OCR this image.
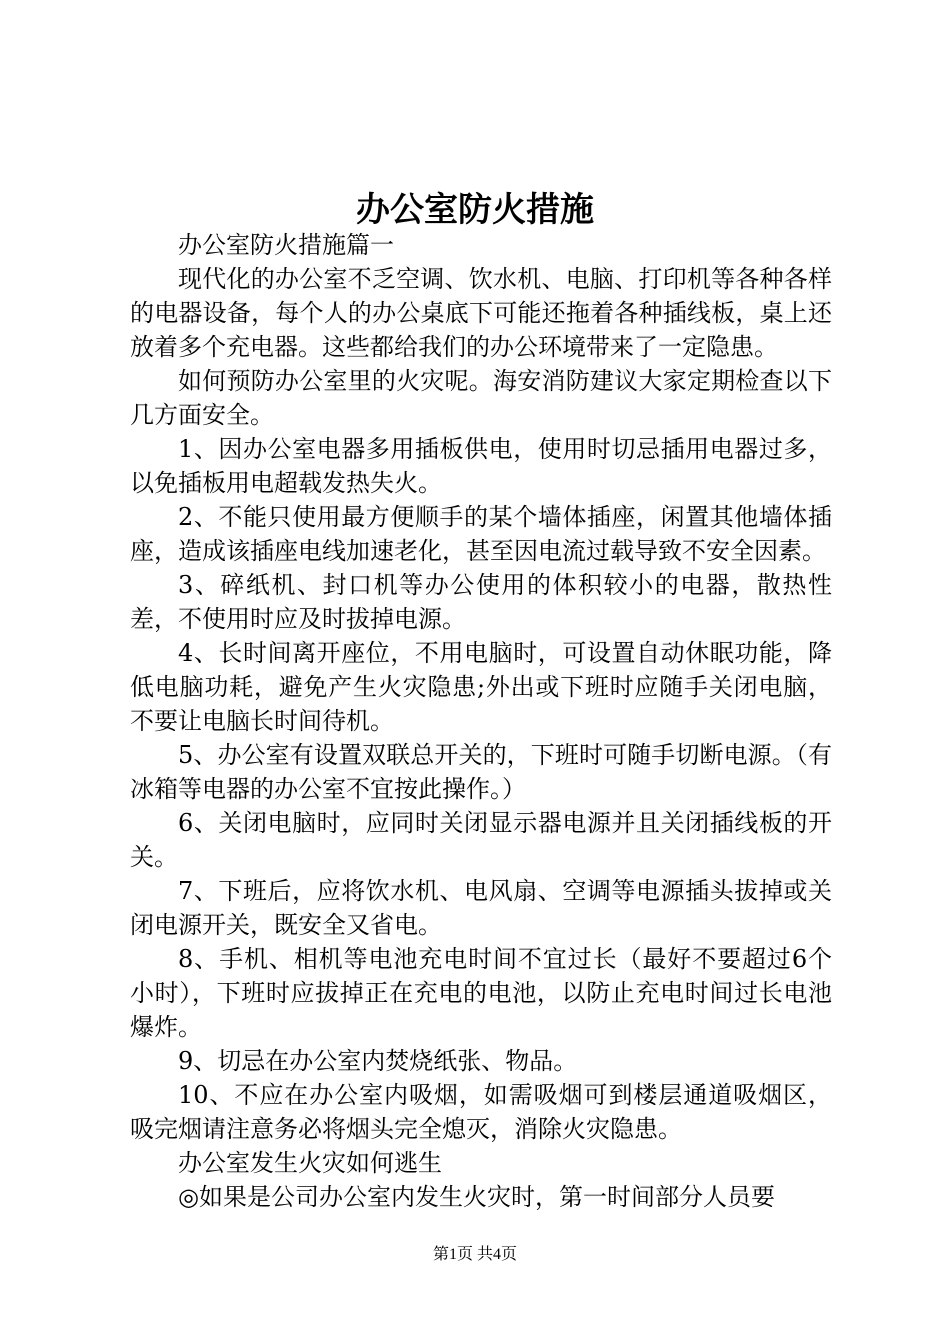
办公室防火措施

办公室防火措施篇一

现代化的办公室不乏空调、饮水机、电脑、打印机等各种各样的电器设备，每个人的办公桌底下可能还拖着各种插线板，桌上还放着多个充电器。这些都给我们的办公环境带来了一定隐患。

如何预防办公室里的火灾呢。海安消防建议大家定期检查以下几方面安全。

1、因办公室电器多用插板供电，使用时切忌插用电器过多，以免插板用电超载发热失火。

2、不能只使用最方便顺手的某个墙体插座，闲置其他墙体插座，造成该插座电线加速老化，甚至因电流过载导致不安全因素。

3、碎纸机、封口机等办公使用的体积较小的电器，散热性差，不使用时应及时拔掉电源。

4、长时间离开座位，不用电脑时，可设置自动休眠功能，降低电脑功耗，避免产生火灾隐患;外出或下班时应随手关闭电脑，不要让电脑长时间待机。

5、办公室有设置双联总开关的，下班时可随手切断电源。（有冰箱等电器的办公室不宜按此操作。）

6、关闭电脑时，应同时关闭显示器电源并且关闭插线板的开关。

7、下班后，应将饮水机、电风扇、空调等电源插头拔掉或关闭电源开关，既安全又省电。

8、手机、相机等电池充电时间不宜过长（最好不要超过6个小时），下班时应拔掉正在充电的电池，以防止充电时间过长电池爆炸。

9、切忌在办公室内焚烧纸张、物品。

10、不应在办公室内吸烟，如需吸烟可到楼层通道吸烟区，吸完烟请注意务必将烟头完全熄灭，消除火灾隐患。

办公室发生火灾如何逃生

◎如果是公司办公室内发生火灾时，第一时间部分人员要

第1页 共4页
